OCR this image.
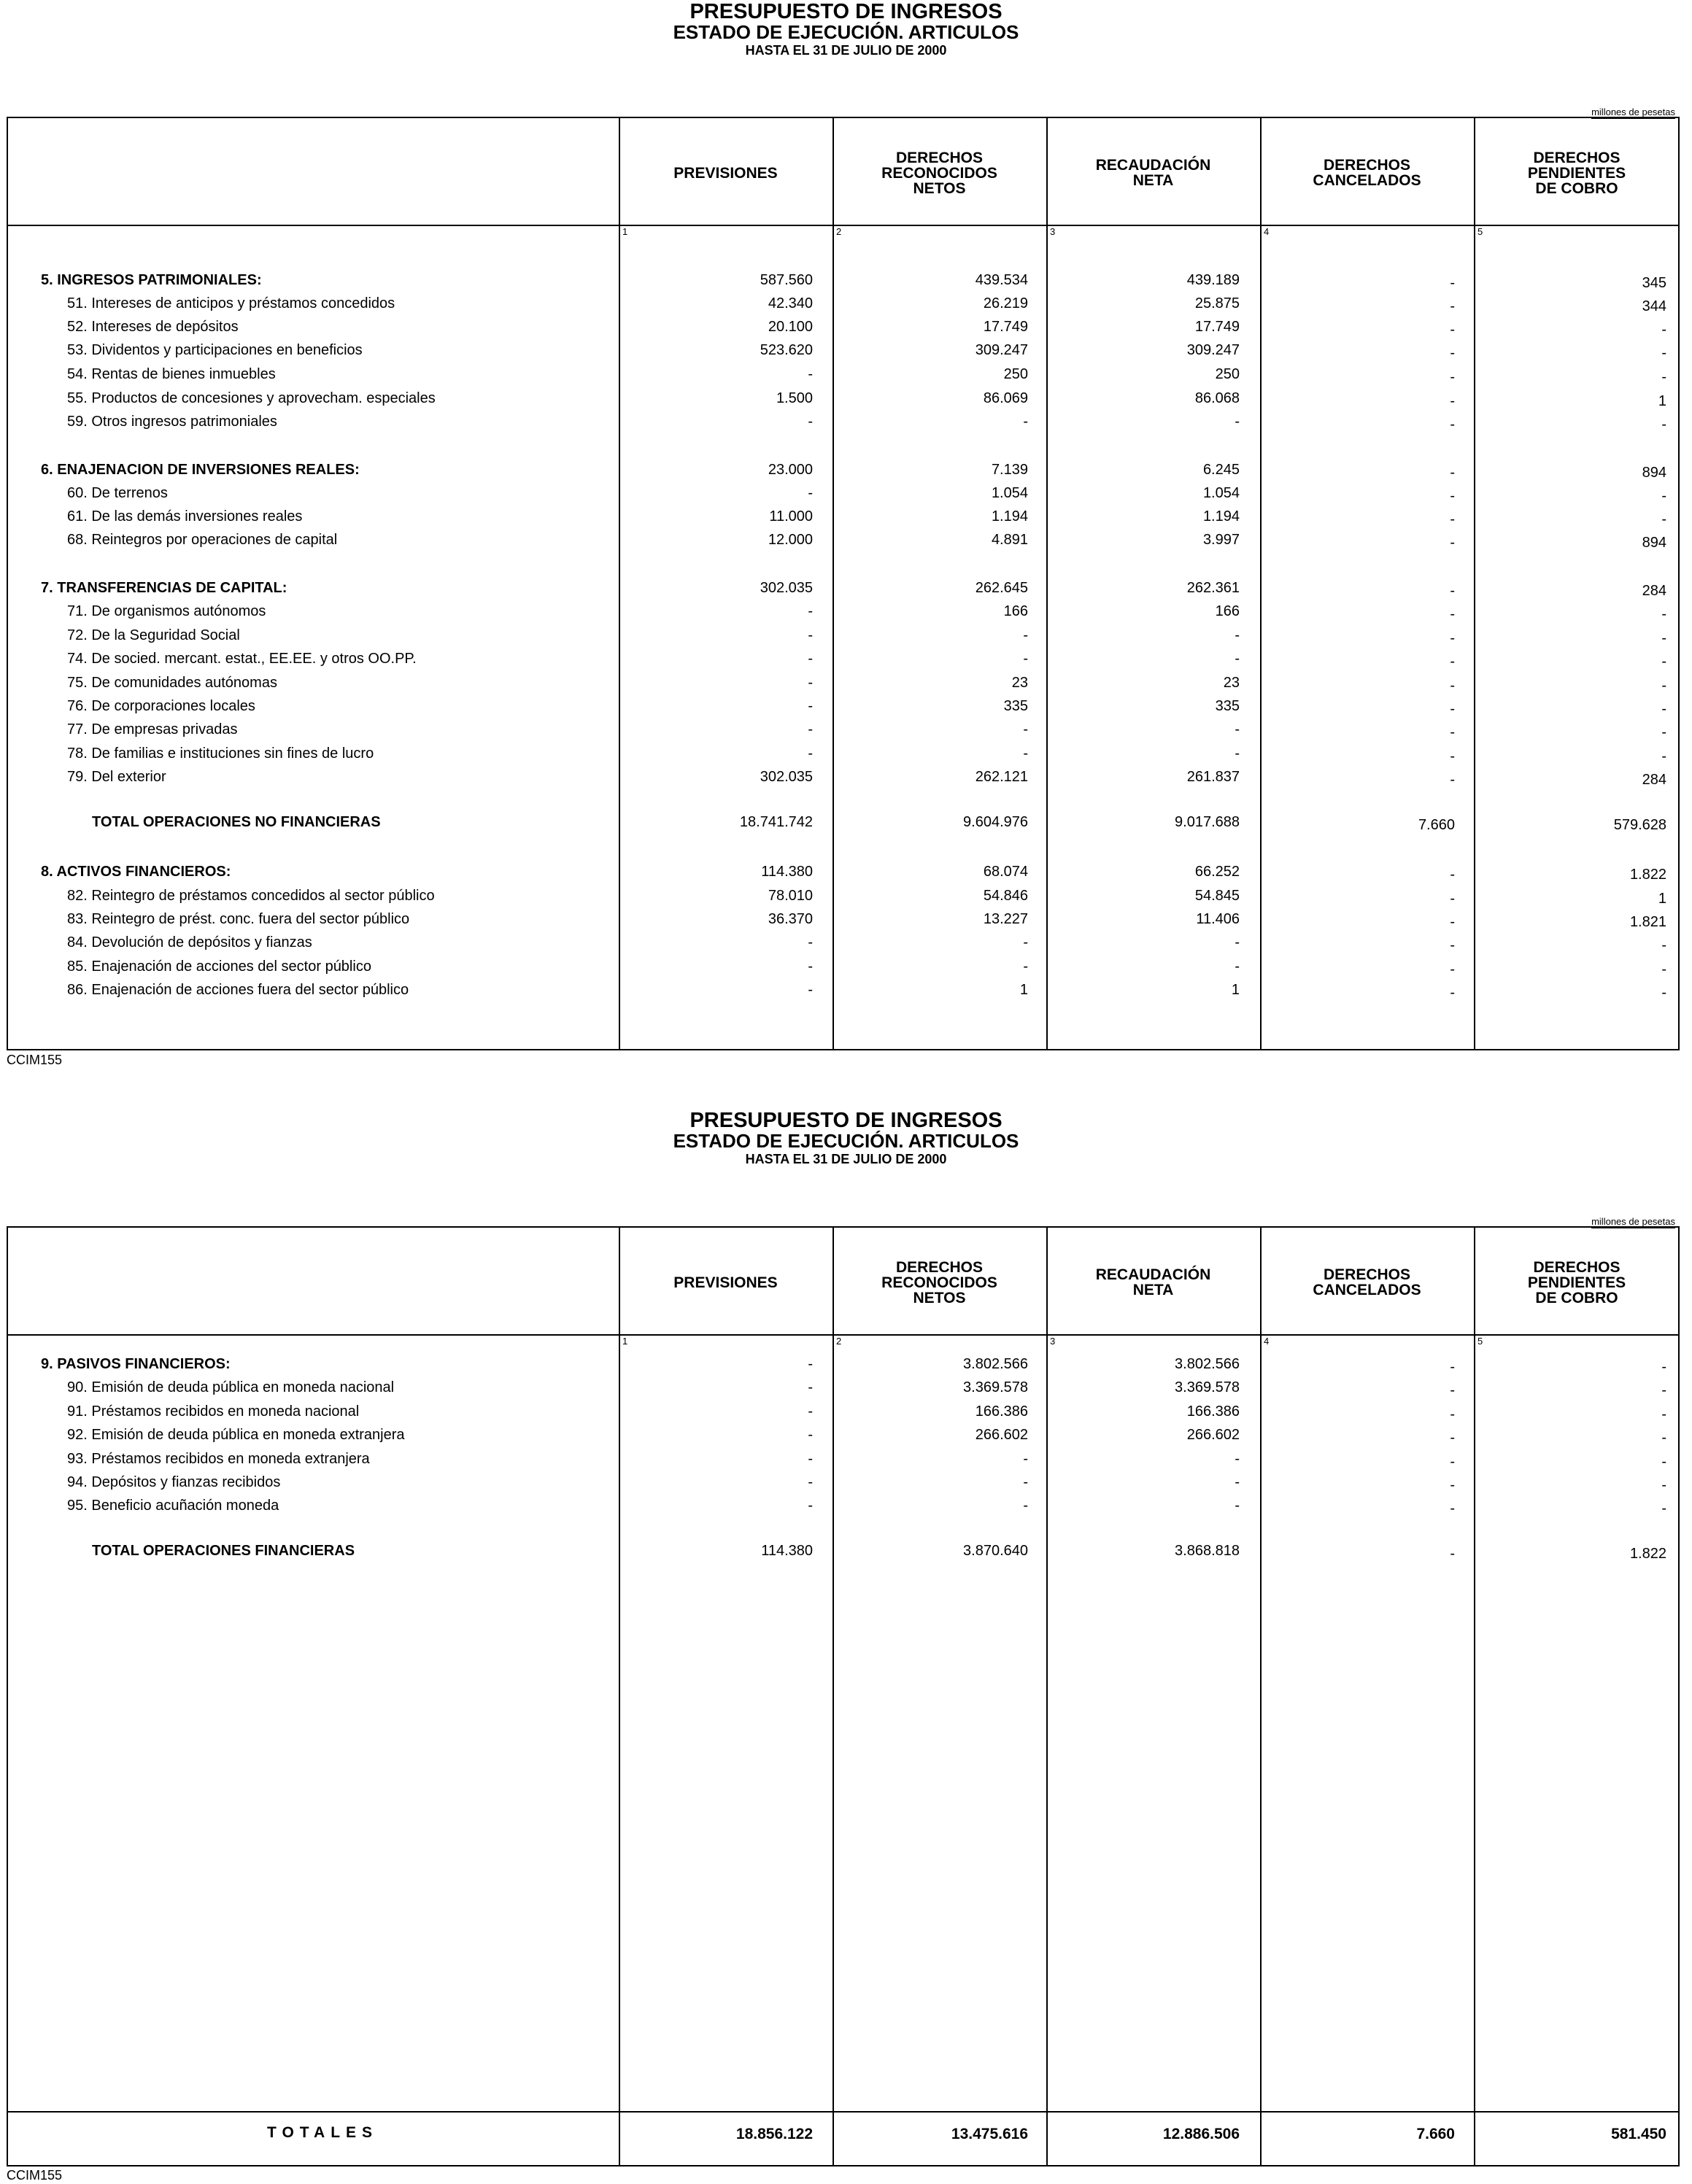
PRESUPUESTO DE INGRESOS
ESTADO DE EJECUCIÓN. ARTICULOS
HASTA EL 31 DE JULIO DE 2000
millones de pesetas
PREVISIONES
1
DERECHOS
RECONOCIDOS
NETOS
2
RECAUDACIÓN
NETA
3
DERECHOS
CANCELADOS
4
DERECHOS
PENDIENTES
DE COBRO
5
5. INGRESOS PATRIMONIALES:	587.560	439.534	439.189	-	345
51. Intereses de anticipos y préstamos concedidos	42.340	26.219	25.875	-	344
52. Intereses de depósitos	20.100	17.749	17.749	-	-
53. Dividentos y participaciones en beneficios	523.620	309.247	309.247	-	-
54. Rentas de bienes inmuebles	-	250	250	-	-
55. Productos de concesiones y aprovecham. especiales	1.500	86.069	86.068	-	1
59. Otros ingresos patrimoniales	-	-	-	-	-
6. ENAJENACION DE INVERSIONES REALES:	23.000	7.139	6.245	-	894
60. De terrenos	-	1.054	1.054	-	-
61. De las demás inversiones reales	11.000	1.194	1.194	-	-
68. Reintegros por operaciones de capital	12.000	4.891	3.997	-	894
7. TRANSFERENCIAS DE CAPITAL:	302.035	262.645	262.361	-	284
71. De organismos autónomos	-	166	166	-	-
72. De la Seguridad Social	-	-	-	-	-
74. De socied. mercant. estat., EE.EE. y otros OO.PP.	-	-	-	-	-
75. De comunidades autónomas	-	23	23	-	-
76. De corporaciones locales	-	335	335	-	-
77. De empresas privadas	-	-	-	-	-
78. De familias e instituciones sin fines de lucro	-	-	-	-	-
79. Del exterior	302.035	262.121	261.837	-	284
TOTAL OPERACIONES NO FINANCIERAS	18.741.742	9.604.976	9.017.688	7.660	579.628
8. ACTIVOS FINANCIEROS:	114.380	68.074	66.252	-	1.822
82. Reintegro de préstamos concedidos al sector público	78.010	54.846	54.845	-	1
83. Reintegro de prést. conc. fuera del sector público	36.370	13.227	11.406	-	1.821
84. Devolución de depósitos y fianzas	-	-	-	-	-
85. Enajenación de acciones del sector público	-	-	-	-	-
86. Enajenación de acciones fuera del sector público	-	1	1	-	-
CCIM155
PRESUPUESTO DE INGRESOS
ESTADO DE EJECUCIÓN. ARTICULOS
HASTA EL 31 DE JULIO DE 2000
millones de pesetas
PREVISIONES
1
DERECHOS
RECONOCIDOS
NETOS
2
RECAUDACIÓN
NETA
3
DERECHOS
CANCELADOS
4
DERECHOS
PENDIENTES
DE COBRO
5
9. PASIVOS FINANCIEROS:	-	3.802.566	3.802.566	-	-
90. Emisión de deuda pública en moneda nacional	-	3.369.578	3.369.578	-	-
91. Préstamos recibidos en moneda nacional	-	166.386	166.386	-	-
92. Emisión de deuda pública en moneda extranjera	-	266.602	266.602	-	-
93. Préstamos recibidos en moneda extranjera	-	-	-	-	-
94. Depósitos y fianzas recibidos	-	-	-	-	-
95. Beneficio acuñación moneda	-	-	-	-	-
TOTAL OPERACIONES FINANCIERAS	114.380	3.870.640	3.868.818	-	1.822
TOTALES	18.856.122	13.475.616	12.886.506	7.660	581.450
CCIM155
